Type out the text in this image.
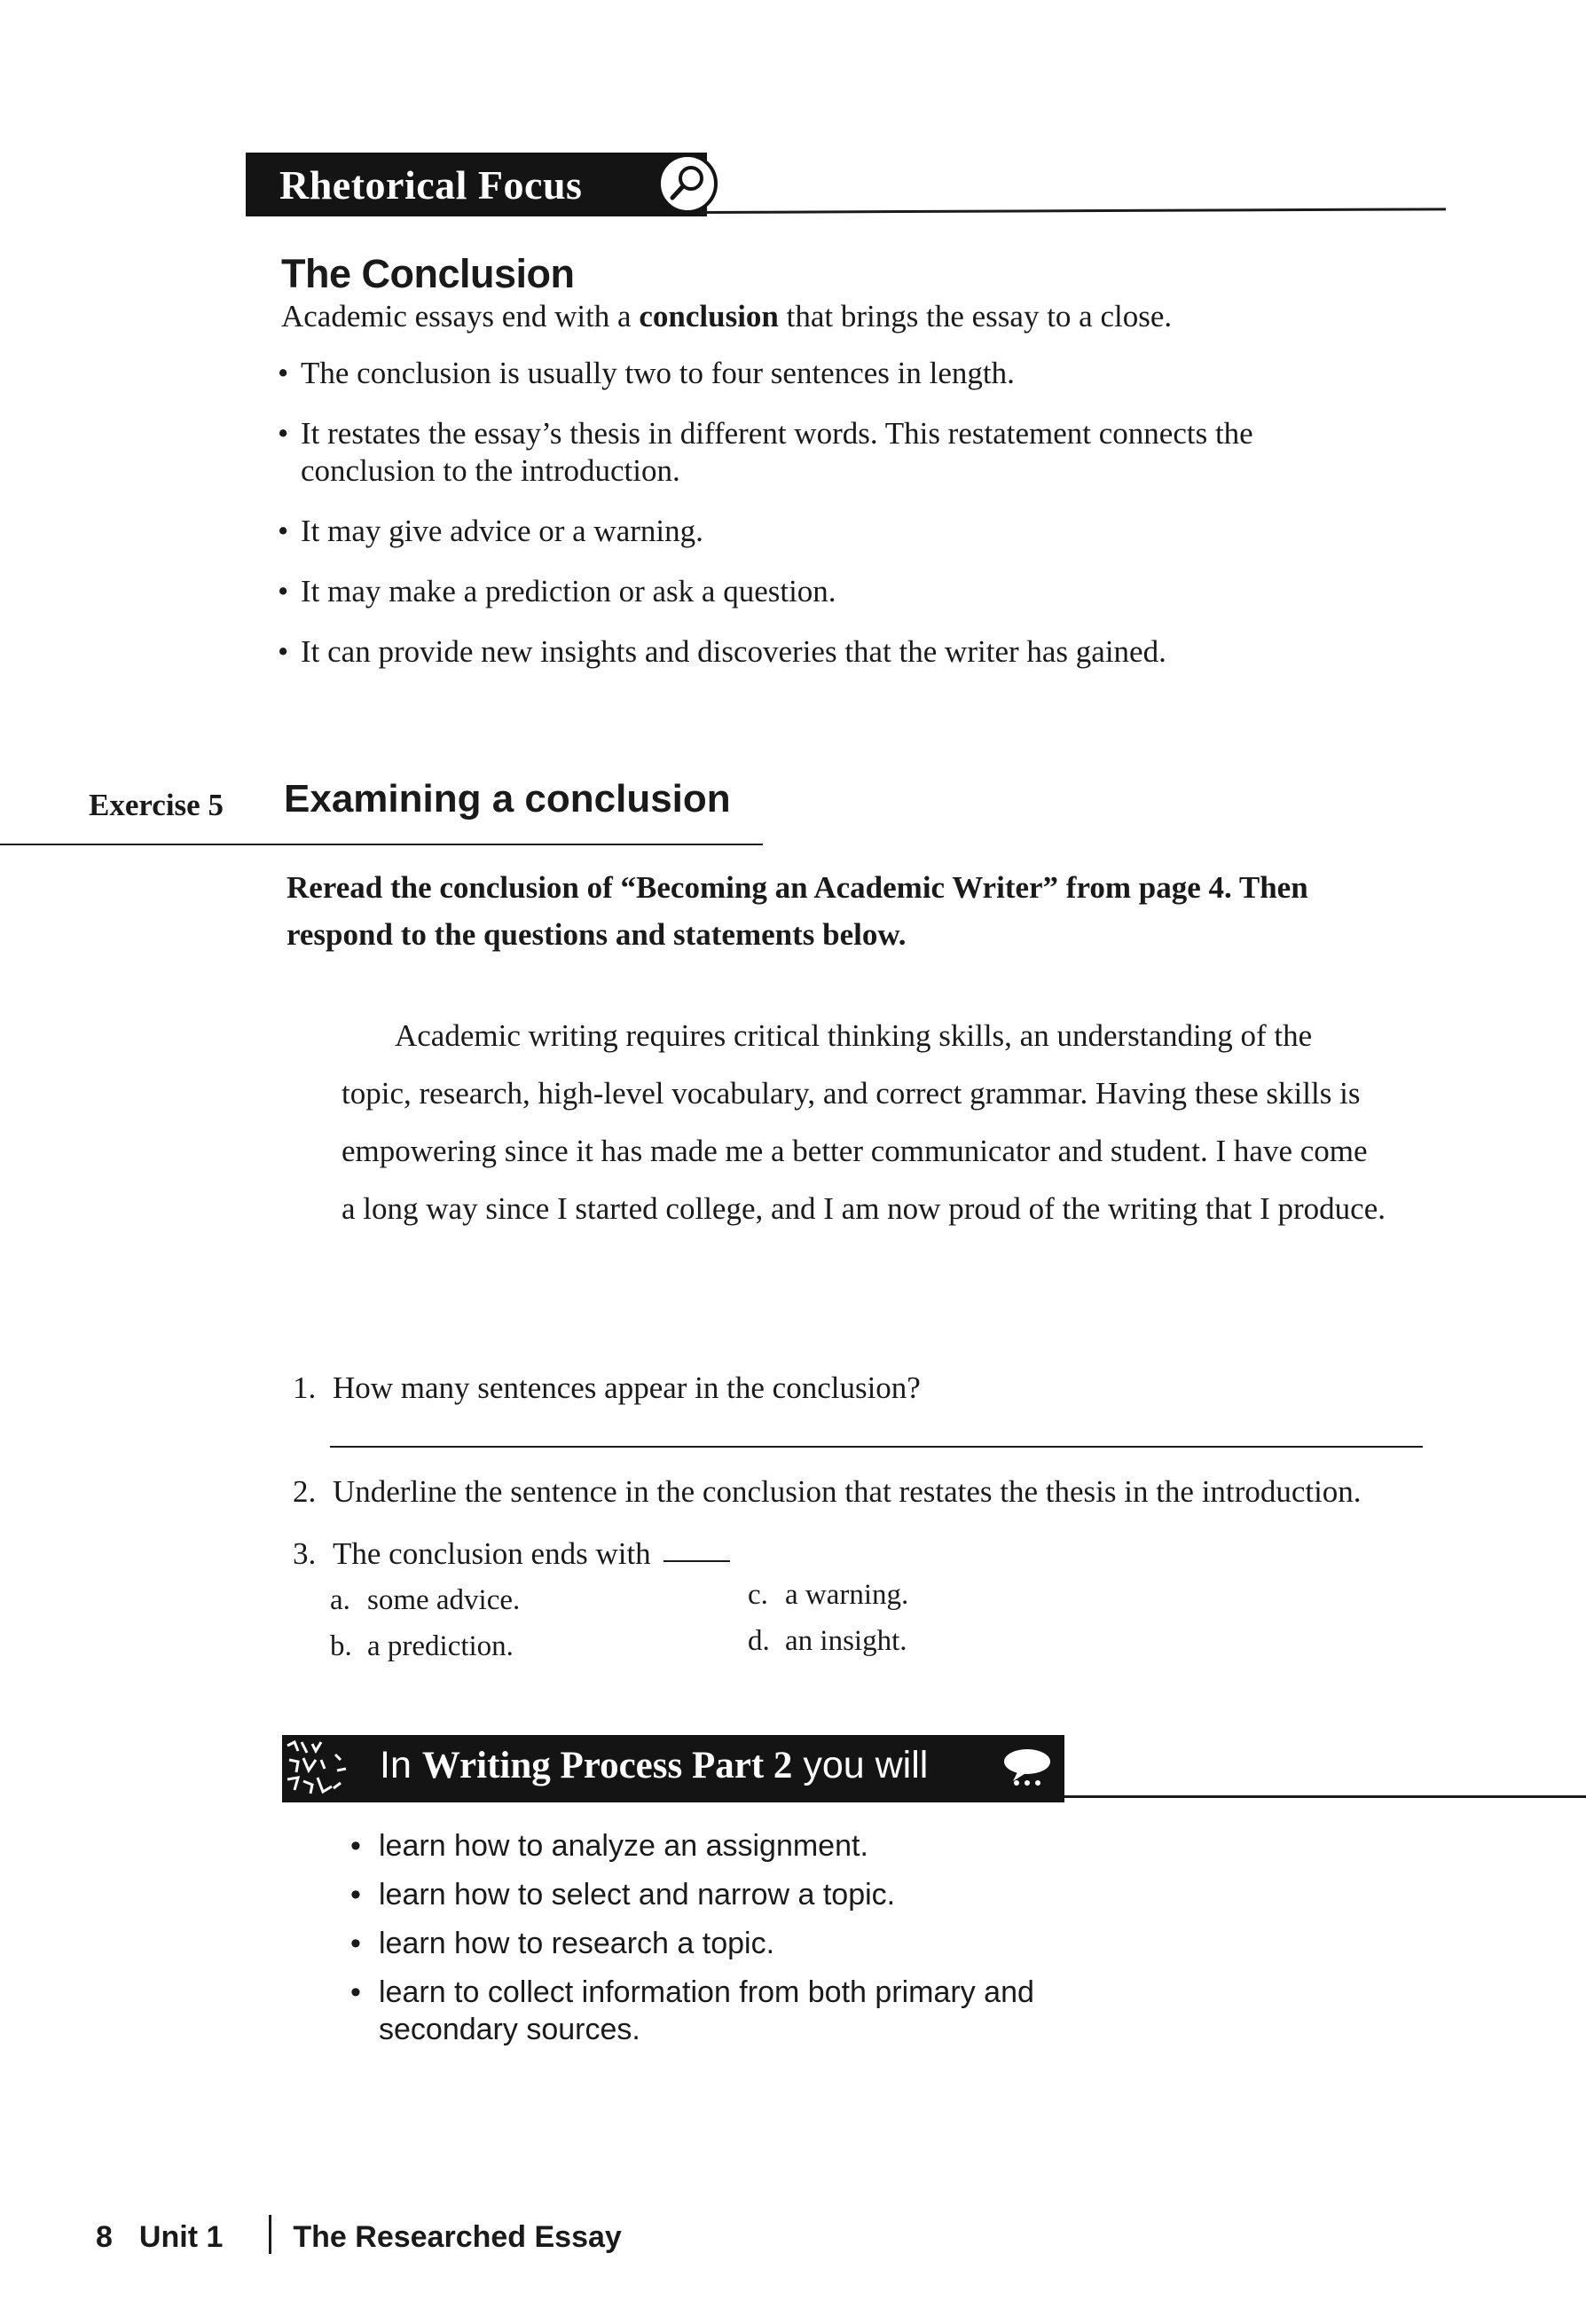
Rhetorical Focus
The Conclusion
Academic essays end with a conclusion that brings the essay to a close.
• The conclusion is usually two to four sentences in length.
• It restates the essay’s thesis in different words. This restatement connects the conclusion to the introduction.
• It may give advice or a warning.
• It may make a prediction or ask a question.
• It can provide new insights and discoveries that the writer has gained.
Exercise 5 Examining a conclusion
Reread the conclusion of “Becoming an Academic Writer” from page 4. Then respond to the questions and statements below.
Academic writing requires critical thinking skills, an understanding of the topic, research, high-level vocabulary, and correct grammar. Having these skills is empowering since it has made me a better communicator and student. I have come a long way since I started college, and I am now proud of the writing that I produce.
1. How many sentences appear in the conclusion?
2. Underline the sentence in the conclusion that restates the thesis in the introduction.
3. The conclusion ends with
a. some advice.
b. a prediction.
c. a warning.
d. an insight.
In Writing Process Part 2 you will
• learn how to analyze an assignment.
• learn how to select and narrow a topic.
• learn how to research a topic.
• learn to collect information from both primary and secondary sources.
8 Unit 1 The Researched Essay
